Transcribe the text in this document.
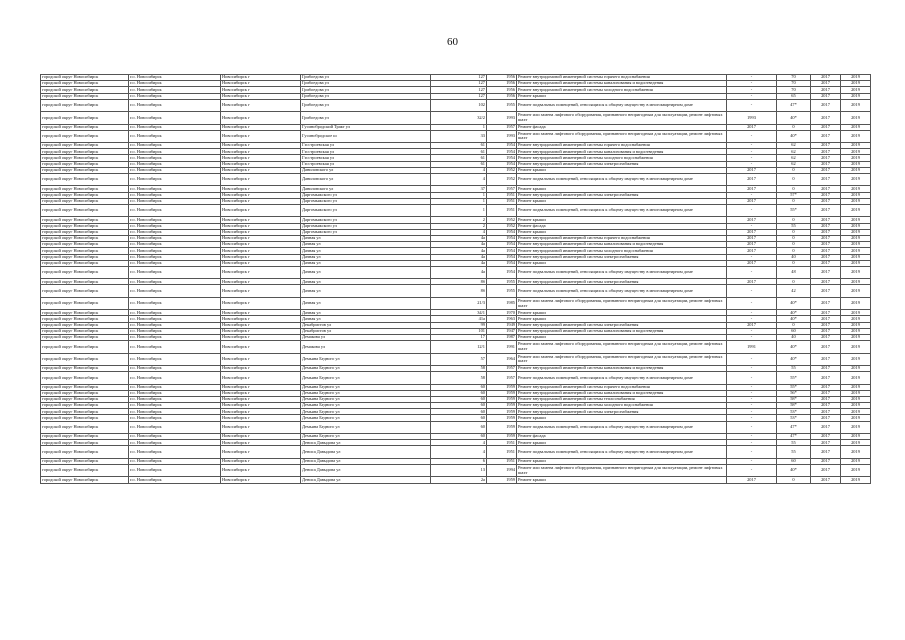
60
городской округ Новосибирск	г.о. Новосибирск	Новосибирск г	Грибоедова ул	127	1956	Ремонт внутридомовой инженерной системы горячего водоснабжения	-	70	2017	2019
городской округ Новосибирск	г.о. Новосибирск	Новосибирск г	Грибоедова ул	127	1956	Ремонт внутридомовой инженерной системы канализования и водоотведения	-	70	2017	2019
городской округ Новосибирск	г.о. Новосибирск	Новосибирск г	Грибоедова ул	127	1956	Ремонт внутридомовой инженерной системы холодного водоснабжения	-	70	2017	2019
городской округ Новосибирск	г.о. Новосибирск	Новосибирск г	Грибоедова ул	127	1956	Ремонт крыши	-	65	2017	2019
городской округ Новосибирск	г.о. Новосибирск	Новосибирск г	Грибоедова ул	102	1955	Ремонт подвальных помещений, относящихся к общему имуществу в многоквартирном доме	-	47*	2017	2019
городской округ Новосибирск	г.о. Новосибирск	Новосибирск г	Грибоедова ул	32/2	1993	Ремонт или замена лифтового оборудования, признанного непригодным для эксплуатации, ремонт лифтовых шахт	1993	40*	2017	2019
городской округ Новосибирск	г.о. Новосибирск	Новосибирск г	Гусинобродский Тракт ул	1	1957	Ремонт фасада	2017	0	2017	2019
городской округ Новосибирск	г.о. Новосибирск	Новосибирск г	Гусинобродское ш	33	1993	Ремонт или замена лифтового оборудования, признанного непригодным для эксплуатации, ремонт лифтовых шахт	-	40*	2017	2019
городской округ Новосибирск	г.о. Новосибирск	Новосибирск г	Гэсстроевская ул	61	1954	Ремонт внутридомовой инженерной системы горячего водоснабжения	-	62	2017	2019
городской округ Новосибирск	г.о. Новосибирск	Новосибирск г	Гэсстроевская ул	61	1954	Ремонт внутридомовой инженерной системы канализования и водоотведения	-	62	2017	2019
городской округ Новосибирск	г.о. Новосибирск	Новосибирск г	Гэсстроевская ул	61	1954	Ремонт внутридомовой инженерной системы холодного водоснабжения	-	62	2017	2019
городской округ Новосибирск	г.о. Новосибирск	Новосибирск г	Гэсстроевская ул	61	1954	Ремонт внутридомовой инженерной системы электроснабжения	-	62	2017	2019
городской округ Новосибирск	г.о. Новосибирск	Новосибирск г	Даниловского ул	4	1952	Ремонт крыши	2017	0	2017	2019
городской округ Новосибирск	г.о. Новосибирск	Новосибирск г	Даниловского ул	4	1952	Ремонт подвальных помещений, относящихся к общему имуществу в многоквартирном доме	2017	0	2017	2019
городской округ Новосибирск	г.о. Новосибирск	Новосибирск г	Даниловского ул	37	1957	Ремонт крыши	2017	0	2017	2019
городской округ Новосибирск	г.о. Новосибирск	Новосибирск г	Даргомыжского ул	1	1951	Ремонт внутридомовой инженерной системы электроснабжения	-	57*	2017	2019
городской округ Новосибирск	г.о. Новосибирск	Новосибирск г	Даргомыжского ул	1	1951	Ремонт крыши	2017	0	2017	2019
городской округ Новосибирск	г.о. Новосибирск	Новосибирск г	Даргомыжского ул	1	1951	Ремонт подвальных помещений, относящихся к общему имуществу в многоквартирном доме	-	55*	2017	2019
городской округ Новосибирск	г.о. Новосибирск	Новосибирск г	Даргомыжского ул	2	1952	Ремонт крыши	2017	0	2017	2019
городской округ Новосибирск	г.о. Новосибирск	Новосибирск г	Даргомыжского ул	2	1952	Ремонт фасада	-	55	2017	2019
городской округ Новосибирск	г.о. Новосибирск	Новосибирск г	Даргомыжского ул	4	1954	Ремонт крыши	2017	0	2017	2019
городской округ Новосибирск	г.о. Новосибирск	Новосибирск г	Дачная ул	4а	1954	Ремонт внутридомовой инженерной системы горячего водоснабжения	2017	0	2017	2019
городской округ Новосибирск	г.о. Новосибирск	Новосибирск г	Дачная ул	4а	1954	Ремонт внутридомовой инженерной системы канализования и водоотведения	2017	0	2017	2019
городской округ Новосибирск	г.о. Новосибирск	Новосибирск г	Дачная ул	4а	1954	Ремонт внутридомовой инженерной системы холодного водоснабжения	2017	0	2017	2019
городской округ Новосибирск	г.о. Новосибирск	Новосибирск г	Дачная ул	4а	1954	Ремонт внутридомовой инженерной системы электроснабжения	-	40	2017	2019
городской округ Новосибирск	г.о. Новосибирск	Новосибирск г	Дачная ул	4а	1954	Ремонт крыши	2017	0	2017	2019
городской округ Новосибирск	г.о. Новосибирск	Новосибирск г	Дачная ул	4а	1954	Ремонт подвальных помещений, относящихся к общему имуществу в многоквартирном доме	-	48	2017	2019
городской округ Новосибирск	г.о. Новосибирск	Новосибирск г	Дачная ул	8б	1955	Ремонт внутридомовой инженерной системы электроснабжения	2017	0	2017	2019
городской округ Новосибирск	г.о. Новосибирск	Новосибирск г	Дачная ул	8б	1955	Ремонт подвальных помещений, относящихся к общему имуществу в многоквартирном доме	-	42	2017	2019
городской округ Новосибирск	г.о. Новосибирск	Новосибирск г	Дачная ул	21/3	1985	Ремонт или замена лифтового оборудования, признанного непригодным для эксплуатации, ремонт лифтовых шахт	-	40*	2017	2019
городской округ Новосибирск	г.о. Новосибирск	Новосибирск г	Дачная ул	34/1	1970	Ремонт крыши	-	40*	2017	2019
городской округ Новосибирск	г.о. Новосибирск	Новосибирск г	Дачная ул	41а	1963	Ремонт крыши	-	40*	2017	2019
городской округ Новосибирск	г.о. Новосибирск	Новосибирск г	Декабристов ул	99	1949	Ремонт внутридомовой инженерной системы электроснабжения	2017	0	2017	2019
городской округ Новосибирск	г.о. Новосибирск	Новосибирск г	Декабристов ул	101	1947	Ремонт внутридомовой инженерной системы канализования и водоотведения	-	60	2017	2019
городской округ Новосибирск	г.о. Новосибирск	Новосибирск г	Демакова ул	17	1987	Ремонт крыши	-	40	2017	2019
городской округ Новосибирск	г.о. Новосибирск	Новосибирск г	Демакова ул	12/1	1991	Ремонт или замена лифтового оборудования, признанного непригодным для эксплуатации, ремонт лифтовых шахт	1991	40*	2017	2019
городской округ Новосибирск	г.о. Новосибирск	Новосибирск г	Демьяна Бедного ул	57	1964	Ремонт или замена лифтового оборудования, признанного непригодным для эксплуатации, ремонт лифтовых шахт	-	40*	2017	2019
городской округ Новосибирск	г.о. Новосибирск	Новосибирск г	Демьяна Бедного ул	58	1957	Ремонт внутридомовой инженерной системы канализования и водоотведения	-	55	2017	2019
городской округ Новосибирск	г.о. Новосибирск	Новосибирск г	Демьяна Бедного ул	58	1957	Ремонт подвальных помещений, относящихся к общему имуществу в многоквартирном доме	-	55*	2017	2019
городской округ Новосибирск	г.о. Новосибирск	Новосибирск г	Демьяна Бедного ул	60	1959	Ремонт внутридомовой инженерной системы горячего водоснабжения	-	55*	2017	2019
городской округ Новосибирск	г.о. Новосибирск	Новосибирск г	Демьяна Бедного ул	60	1959	Ремонт внутридомовой инженерной системы канализования и водоотведения	-	56*	2017	2019
городской округ Новосибирск	г.о. Новосибирск	Новосибирск г	Демьяна Бедного ул	60	1959	Ремонт внутридомовой инженерной системы теплоснабжения	-	58*	2017	2019
городской округ Новосибирск	г.о. Новосибирск	Новосибирск г	Демьяна Бедного ул	60	1959	Ремонт внутридомовой инженерной системы холодного водоснабжения	-	58*	2017	2019
городской округ Новосибирск	г.о. Новосибирск	Новосибирск г	Демьяна Бедного ул	60	1959	Ремонт внутридомовой инженерной системы электроснабжения	-	53*	2017	2019
городской округ Новосибирск	г.о. Новосибирск	Новосибирск г	Демьяна Бедного ул	60	1959	Ремонт крыши	-	53*	2017	2019
городской округ Новосибирск	г.о. Новосибирск	Новосибирск г	Демьяна Бедного ул	60	1959	Ремонт подвальных помещений, относящихся к общему имуществу в многоквартирном доме	-	47*	2017	2019
городской округ Новосибирск	г.о. Новосибирск	Новосибирск г	Демьяна Бедного ул	60	1959	Ремонт фасада	-	47*	2017	2019
городской округ Новосибирск	г.о. Новосибирск	Новосибирск г	Дениса Давыдова ул	4	1951	Ремонт крыши	-	55	2017	2019
городской округ Новосибирск	г.о. Новосибирск	Новосибирск г	Дениса Давыдова ул	4	1951	Ремонт подвальных помещений, относящихся к общему имуществу в многоквартирном доме	-	55	2017	2019
городской округ Новосибирск	г.о. Новосибирск	Новосибирск г	Дениса Давыдова ул	6	1951	Ремонт крыши	-	60	2017	2019
городской округ Новосибирск	г.о. Новосибирск	Новосибирск г	Дениса Давыдова ул	13	1994	Ремонт или замена лифтового оборудования, признанного непригодным для эксплуатации, ремонт лифтовых шахт	-	40*	2017	2019
городской округ Новосибирск	г.о. Новосибирск	Новосибирск г	Дениса Давыдова ул	2а	1959	Ремонт крыши	2017	0	2017	2019
